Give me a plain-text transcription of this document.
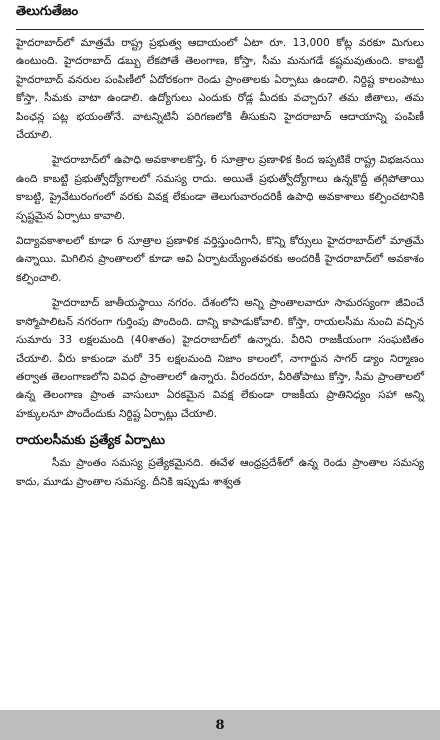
తెలుగుతేజం

హైదరాబాద్‌లో మాత్రమే రాష్ట్ర ప్రభుత్వ ఆదాయంలో ఏటా రూ. 13,000 కోట్ల వరకూ మిగులు ఉంటుంది. హైదరాబాద్ డబ్బు లేకపోతే తెలంగాణ, కోస్తా, సీమ మనుగడే కష్టమవుతుంది. కాబట్టి హైదరాబాద్ వనరుల పంపిణీలో ఏదోరకంగా రెండు ప్రాంతాలకు ఏర్పాటు ఉండాలి. నిర్దిష్ట కాలంపాటు కోస్తా, సీమకు వాటా ఉండాలి. ఉద్యోగులు ఎందుకు రోడ్ల మీదకు వచ్చారు? తమ జీతాలు, తమ పింఛన్ల పట్ల భయంతోనే. వాటన్నిటినీ పరిగణలోకి తీసుకుని హైదరాబాద్ ఆదాయాన్ని పంపిణీ చేయాలి.

హైదరాబాద్‌లో ఉపాధి అవకాశాలకొస్తే, 6 సూత్రాల ప్రణాళిక కింద ఇప్పటికే రాష్ట్ర విభజనయి ఉంది కాబట్టి ప్రభుత్వోద్యోగాలలో సమస్య రాదు. అయితే ప్రభుత్వోద్యోగాలు ఉన్నకొద్దీ తగ్గిపోతాయి కాబట్టి, ప్రైవేటురంగంలో వరకు వివక్ష లేకుండా తెలుగువారందరికీ ఉపాధి అవకాశాలు కల్పించటానికి స్పష్టమైన ఏర్పాటు కావాలి.

విద్యావకాశాలలో కూడా 6 సూత్రాల ప్రణాళిక వర్తిస్తుందిగానీ, కొన్ని కోర్సులు హైదరాబాద్‌లో మాత్రమే ఉన్నాయి. మిగిలిన ప్రాంతాలలో కూడా అవి ఏర్పాటయ్యేంతవరకు అందరికీ హైదరాబాద్‌లో అవకాశం కల్పించాలి.

హైదరాబాద్ జాతీయస్థాయి నగరం. దేశంలోని అన్ని ప్రాంతాలవారూ సామరస్యంగా జీవించే కాస్మోపాలిటన్ నగరంగా గుర్తింపు పొందింది. దాన్ని కాపాడుకోవాలి. కోస్తా, రాయలసీమ నుంచి వచ్చిన సుమారు 33 లక్షలమంది (40శాతం) హైదరాబాద్‌లో ఉన్నారు. వీరిని రాజకీయంగా సంఘటితం చేయాలి. వీరు కాకుండా మరో 35 లక్షలమంది నిజాం కాలంలో, నాగార్జున సాగర్ డ్యాం నిర్మాణం తర్వాత తెలంగాణలోని వివిధ ప్రాంతాలలో ఉన్నారు. వీరందరూ, వీరితోపాటు కోస్తా, సీమ ప్రాంతాలలో ఉన్న తెలంగాణ ప్రాంత వాసులూ ఏరకమైన వివక్ష లేకుండా రాజకీయ ప్రాతినిధ్యం సహా అన్ని హక్కులనూ పొందేందుకు నిర్దిష్ట ఏర్పాట్లు చేయాలి.

రాయలసీమకు ప్రత్యేక ఏర్పాటు

సీమ ప్రాంతం సమస్య ప్రత్యేకమైనది. ఈవేళ ఆంధ్రప్రదేశ్‌లో ఉన్న రెండు ప్రాంతాల సమస్య కాదు, మూడు ప్రాంతాల సమస్య. దీనికి ఇప్పుడు శాశ్వత

8
